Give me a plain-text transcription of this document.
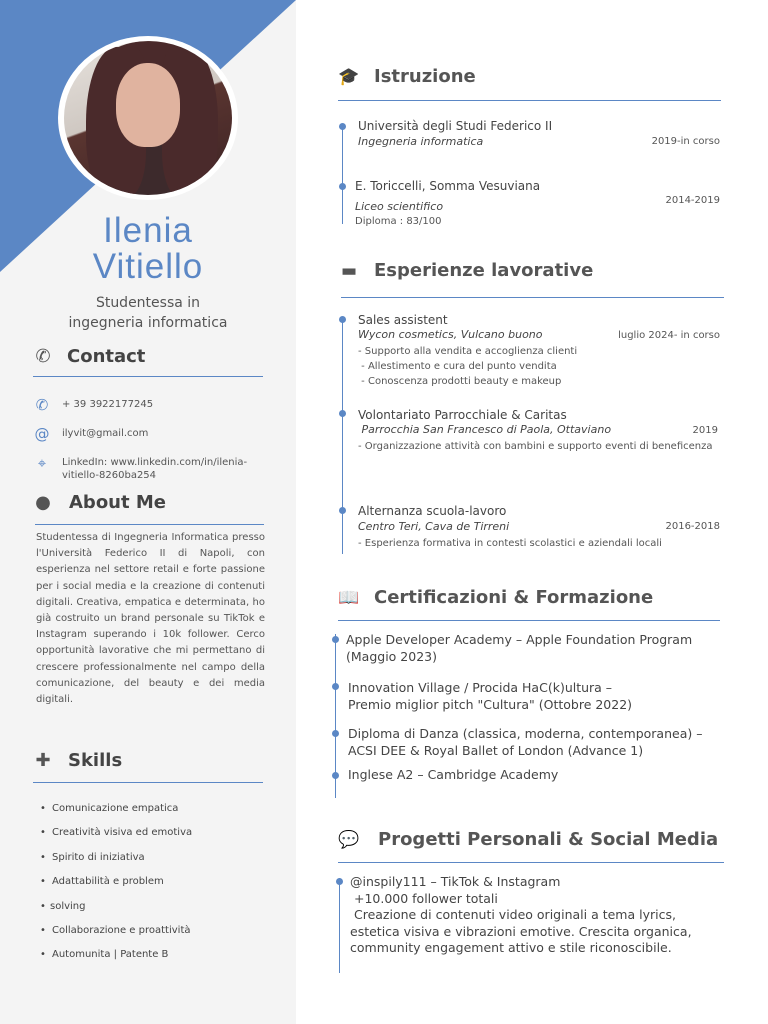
Ilenia
Vitiello
Studentessa in
ingegneria informatica
✆ Contact
✆	+ 39 3922177245
@ ilyvit@gmail.com
⌖	LinkedIn: www.linkedin.com/in/ilenia-
vitiello-8260ba254
● About Me
Studentessa di Ingegneria Informatica presso l'Università Federico II di Napoli, con esperienza nel settore retail e forte passione per i social media e la creazione di contenuti digitali. Creativa, empatica e determinata, ho già costruito un brand personale su TikTok e Instagram superando i 10k follower. Cerco opportunità lavorative che mi permettano di crescere professionalmente nel campo della comunicazione, del beauty e dei media digitali.
✚ Skills
• Comunicazione empatica
• Creatività visiva ed emotiva
• Spirito di iniziativa
• Adattabilità e problem
• solving
• Collaborazione e proattività
• Automunita | Patente B
🎓 Istruzione
Università degli Studi Federico II
Ingegneria informatica	2019-in corso
E. Toriccelli, Somma Vesuviana
Liceo scientifico	2014-2019
Diploma : 83/100
▬ Esperienze lavorative
Sales assistent
Wycon cosmetics, Vulcano buono	luglio 2024- in corso
- Supporto alla vendita e accoglienza clienti
- Allestimento e cura del punto vendita
- Conoscenza prodotti beauty e makeup
Volontariato Parrocchiale & Caritas
Parrocchia San Francesco di Paola, Ottaviano	2019
- Organizzazione attività con bambini e supporto eventi di beneficenza
Alternanza scuola-lavoro
Centro Teri, Cava de Tirreni	2016-2018
- Esperienza formativa in contesti scolastici e aziendali locali
📖 Certificazioni & Formazione
Apple Developer Academy – Apple Foundation Program
(Maggio 2023)
Innovation Village / Procida HaC(k)ultura –
Premio miglior pitch "Cultura" (Ottobre 2022)
Diploma di Danza (classica, moderna, contemporanea) –
ACSI DEE & Royal Ballet of London (Advance 1)
Inglese A2 – Cambridge Academy
💬 Progetti Personali & Social Media
@inspily111 – TikTok & Instagram
+10.000 follower totali
Creazione di contenuti video originali a tema lyrics,
estetica visiva e vibrazioni emotive. Crescita organica,
community engagement attivo e stile riconoscibile.
